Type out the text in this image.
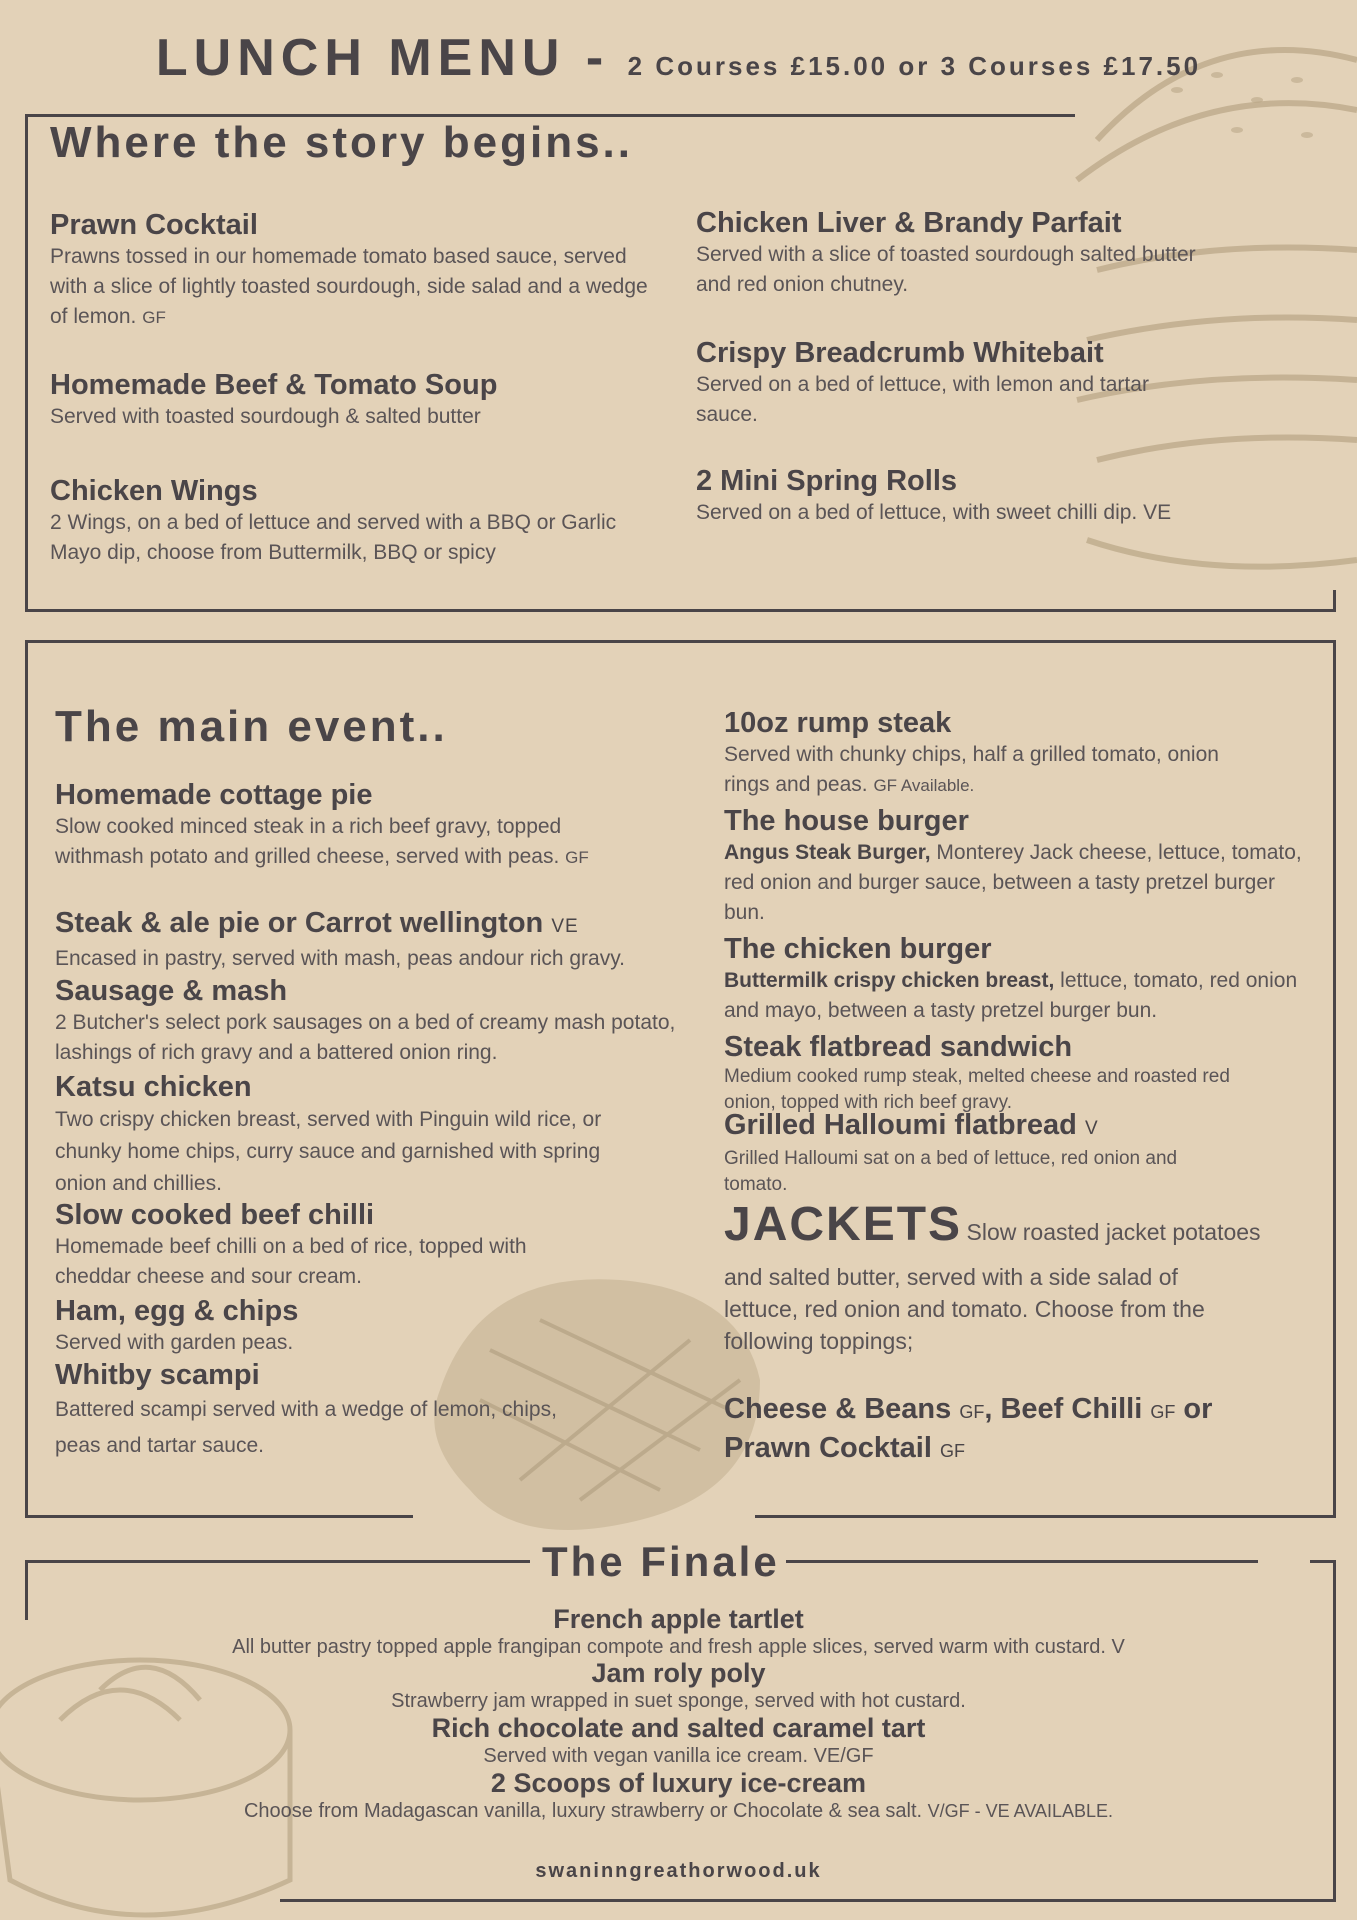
LUNCH MENU - 2 Courses £15.00 or 3 Courses £17.50
Where the story begins..
Prawn Cocktail
Prawns tossed in our homemade tomato based sauce, served with a slice of lightly toasted sourdough, side salad and a wedge of lemon. GF
Homemade Beef & Tomato Soup
Served with toasted sourdough & salted butter
Chicken Wings
2 Wings, on a bed of lettuce and served with a BBQ or Garlic Mayo dip, choose from Buttermilk, BBQ or spicy
Chicken Liver & Brandy Parfait
Served with a slice of toasted sourdough salted butter and red onion chutney.
Crispy Breadcrumb Whitebait
Served on a bed of lettuce, with lemon and tartar sauce.
2 Mini Spring Rolls
Served on a bed of lettuce, with sweet chilli dip. VE
The main event..
Homemade cottage pie
Slow cooked minced steak in a rich beef gravy, topped withmash potato and grilled cheese, served with peas. GF
Steak & ale pie or Carrot wellington VE
Encased in pastry, served with mash, peas andour rich gravy.
Sausage & mash
2 Butcher's select pork sausages on a bed of creamy mash potato, lashings of rich gravy and a battered onion ring.
Katsu chicken
Two crispy chicken breast, served with Pinguin wild rice, or chunky home chips, curry sauce and garnished with spring onion and chillies.
Slow cooked beef chilli
Homemade beef chilli on a bed of rice, topped with cheddar cheese and sour cream.
Ham, egg & chips
Served with garden peas.
Whitby scampi
Battered scampi served with a wedge of lemon, chips, peas and tartar sauce.
10oz rump steak
Served with chunky chips, half a grilled tomato, onion rings and peas. GF Available.
The house burger
Angus Steak Burger, Monterey Jack cheese, lettuce, tomato, red onion and burger sauce, between a tasty pretzel burger bun.
The chicken burger
Buttermilk crispy chicken breast, lettuce, tomato, red onion and mayo, between a tasty pretzel burger bun.
Steak flatbread sandwich
Medium cooked rump steak, melted cheese and roasted red onion, topped with rich beef gravy.
Grilled Halloumi flatbread V
Grilled Halloumi sat on a bed of lettuce, red onion and tomato.
JACKETS Slow roasted jacket potatoes
and salted butter, served with a side salad of lettuce, red onion and tomato. Choose from the following toppings;
Cheese & Beans GF, Beef Chilli GF or
Prawn Cocktail GF
The Finale
French apple tartlet
All butter pastry topped apple frangipan compote and fresh apple slices, served warm with custard. V
Jam roly poly
Strawberry jam wrapped in suet sponge, served with hot custard.
Rich chocolate and salted caramel tart
Served with vegan vanilla ice cream. VE/GF
2 Scoops of luxury ice-cream
Choose from Madagascan vanilla, luxury strawberry or Chocolate & sea salt. V/GF - VE AVAILABLE.
swaninngreathorwood.uk
